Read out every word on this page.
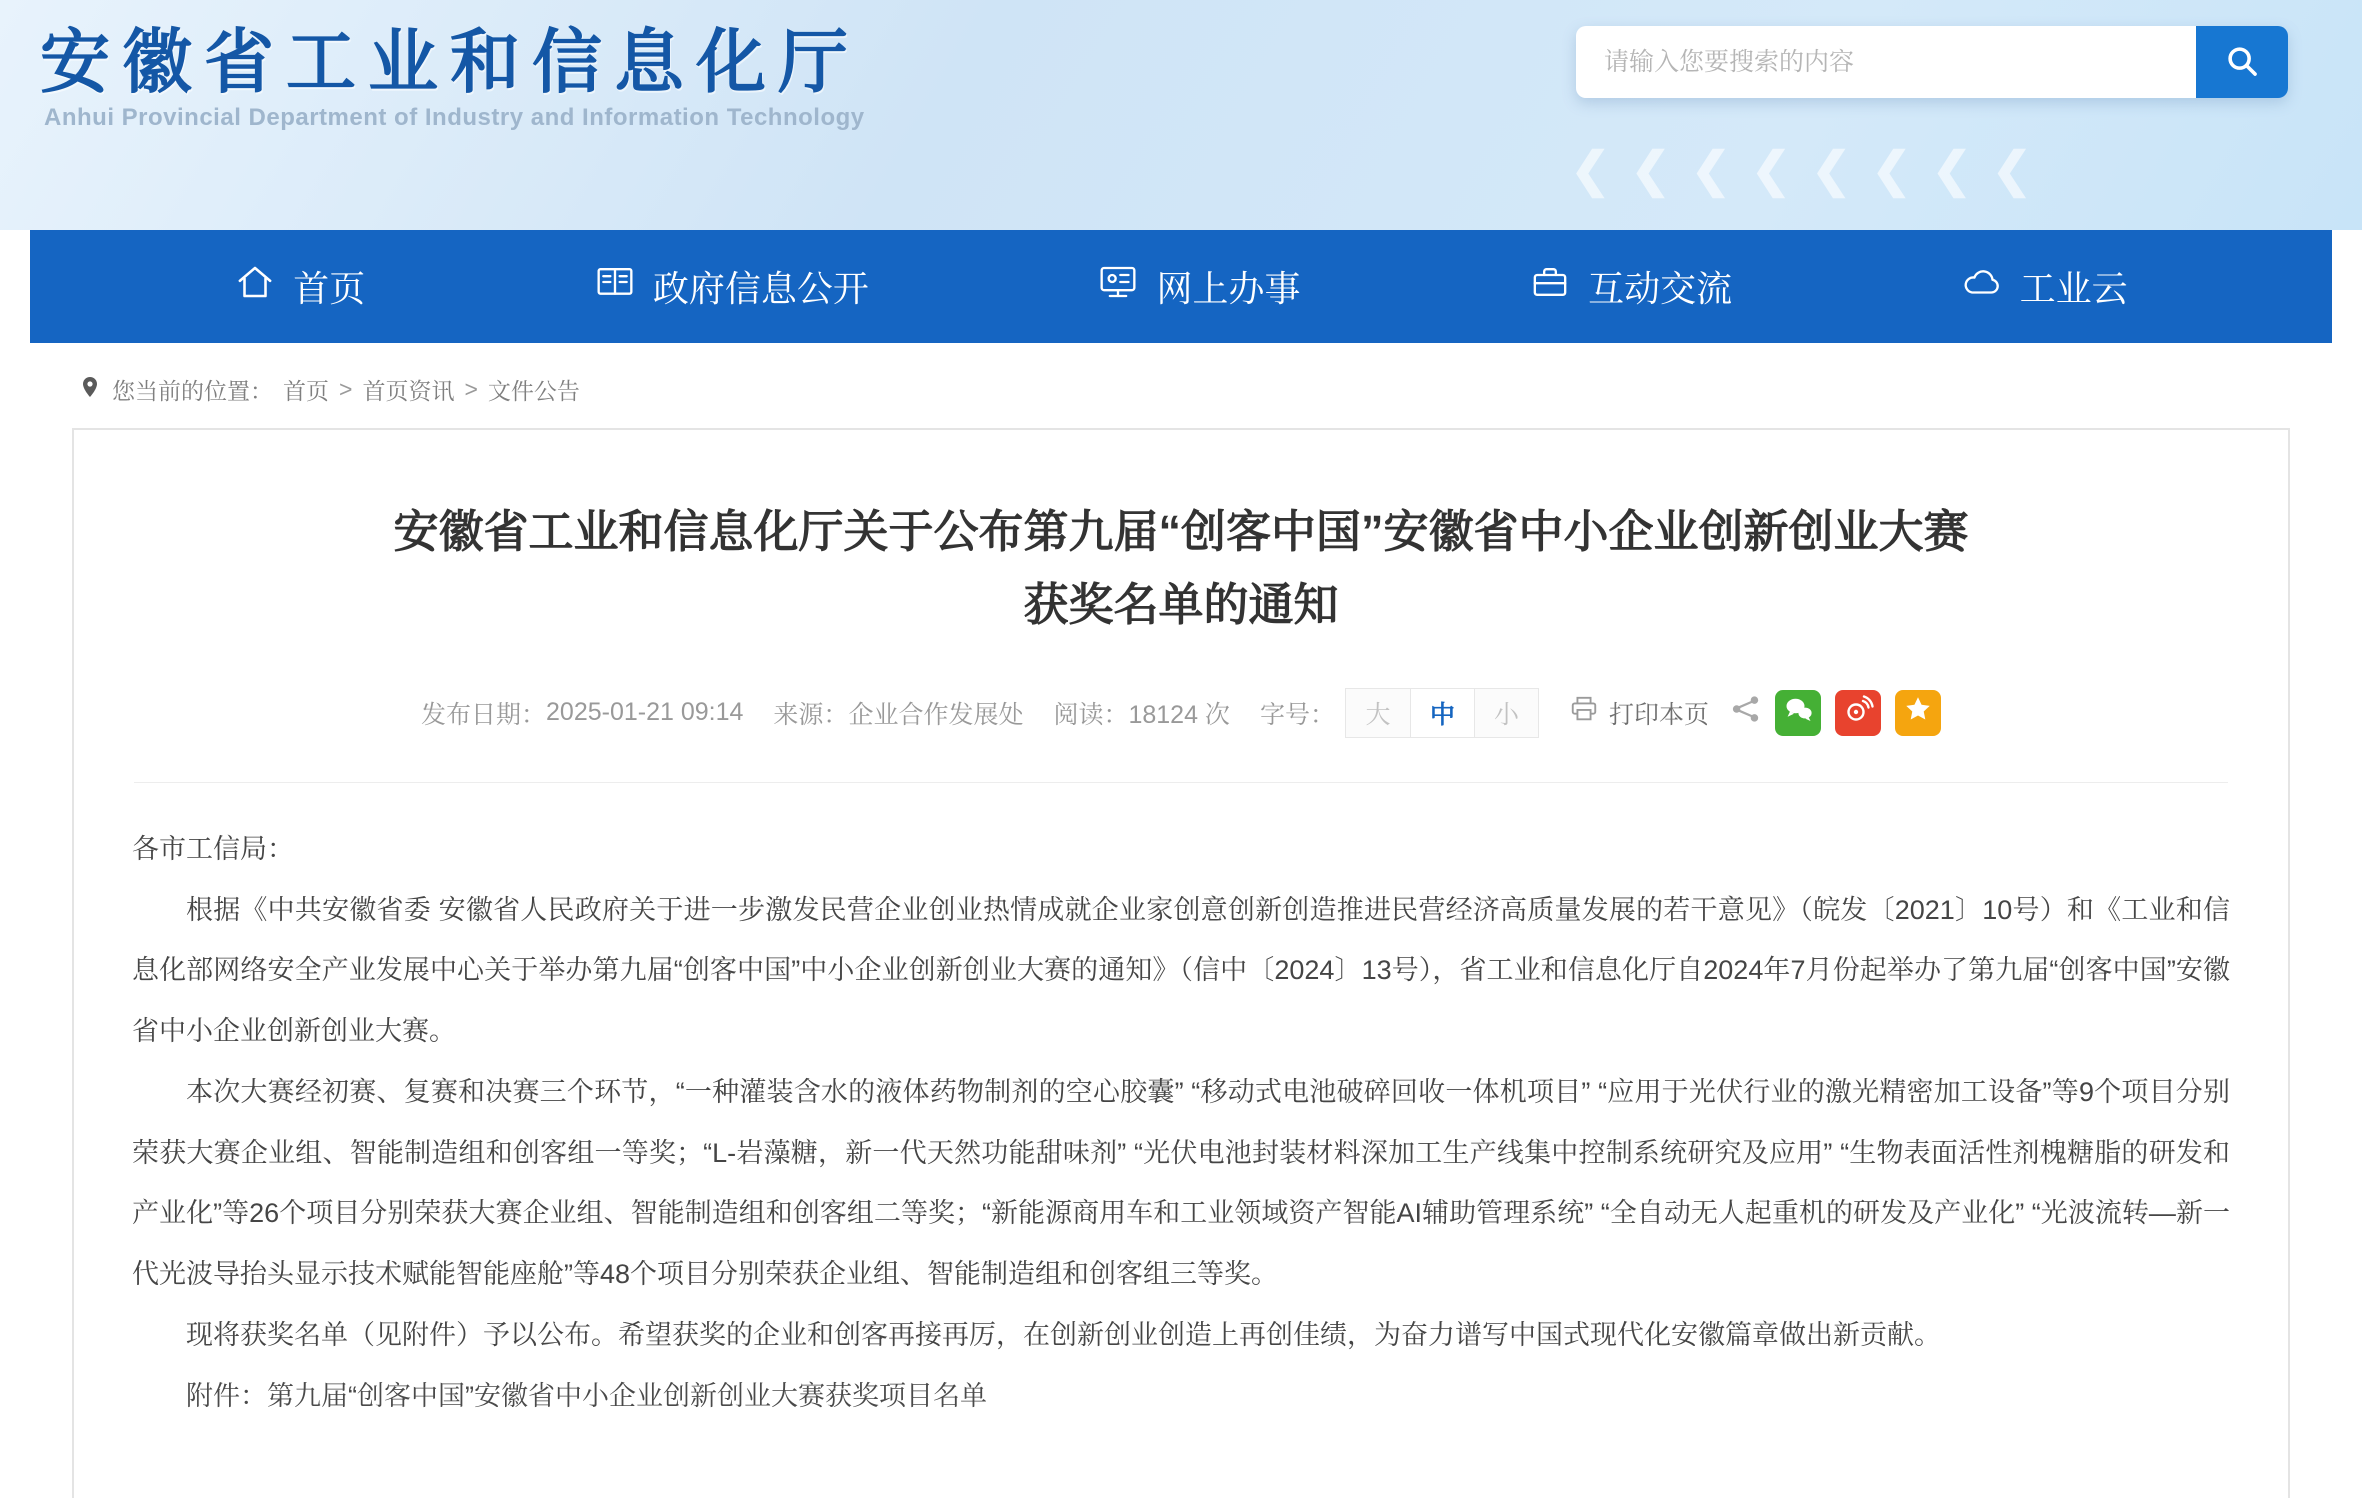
安徽省工业和信息化厅
Anhui Provincial Department of Industry and Information Technology
请输入您要搜索的内容
❮❮❮❮❮❮❮❮
首页	政府信息公开	网上办事	互动交流	工业云
您当前的位置： 首页 > 首页资讯 > 文件公告
安徽省工业和信息化厅关于公布第九届“创客中国”安徽省中小企业创新创业大赛
获奖名单的通知
发布日期： 2025-01-21 09:14 来源： 企业合作发展处 阅读： 18124 次 字号：	大	中	小	打印本页

各市工信局：

根据《中共安徽省委 安徽省人民政府关于进一步激发民营企业创业热情成就企业家创意创新创造推进民营经济高质量发展的若干意见》（皖发〔2021〕10号）和《工业和信息化部网络安全产业发展中心关于举办第九届“创客中国”中小企业创新创业大赛的通知》（信中〔2024〕13号），省工业和信息化厅自2024年7月份起举办了第九届“创客中国”安徽省中小企业创新创业大赛。

本次大赛经初赛、复赛和决赛三个环节，“一种灌装含水的液体药物制剂的空心胶囊” “移动式电池破碎回收一体机项目” “应用于光伏行业的激光精密加工设备”等9个项目分别荣获大赛企业组、智能制造组和创客组一等奖；“L-岩藻糖，新一代天然功能甜味剂” “光伏电池封装材料深加工生产线集中控制系统研究及应用” “生物表面活性剂槐糖脂的研发和产业化”等26个项目分别荣获大赛企业组、智能制造组和创客组二等奖；“新能源商用车和工业领域资产智能AI辅助管理系统” “全自动无人起重机的研发及产业化” “光波流转—新一代光波导抬头显示技术赋能智能座舱”等48个项目分别荣获企业组、智能制造组和创客组三等奖。

现将获奖名单（见附件）予以公布。希望获奖的企业和创客再接再厉，在创新创业创造上再创佳绩，为奋力谱写中国式现代化安徽篇章做出新贡献。

附件：第九届“创客中国”安徽省中小企业创新创业大赛获奖项目名单
